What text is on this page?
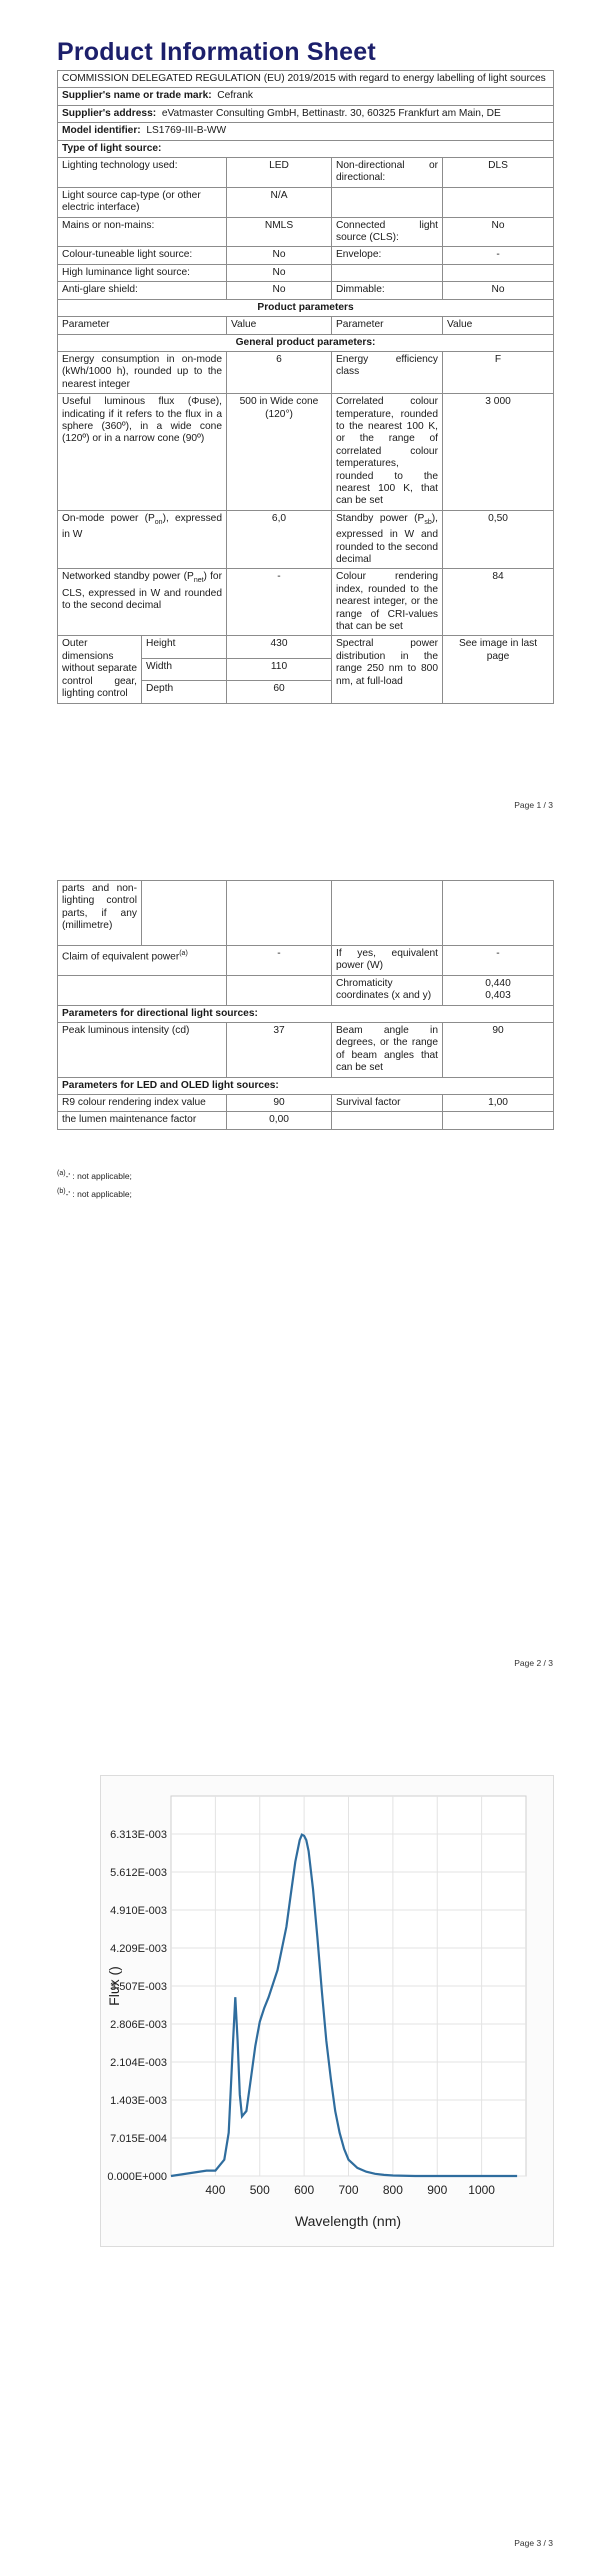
Product Information Sheet
COMMISSION DELEGATED REGULATION (EU) 2019/2015 with regard to energy labelling of light sources				
Supplier's name or trade mark: Cefrank				
Supplier's address: eVatmaster Consulting GmbH, Bettinastr. 30, 60325 Frankfurt am Main, DE				
Model identifier: LS1769-III-B-WW				
Type of light source:				
Lighting technology used:		LED	Non-directional or directional:	DLS
Light source cap-type (or other electric interface)		N/A		
Mains or non-mains:		NMLS	Connected light source (CLS):	No
Colour-tuneable light source:		No	Envelope:	-
High luminance light source:		No		
Anti-glare shield:		No	Dimmable:	No
Product parameters				
Parameter		Value	Parameter	Value
General product parameters:				
Energy consumption in on-mode (kWh/1000 h), rounded up to the nearest integer		6	Energy efficiency class	F
Useful luminous flux (Φuse), indicating if it refers to the flux in a sphere (360º), in a wide cone (120º) or in a narrow cone (90º)		500 in Wide cone (120°)	Correlated colour temperature, rounded to the nearest 100 K, or the range of correlated colour temperatures, rounded to the nearest 100 K, that can be set	3 000
On-mode power $(P_{on})$, expressed in W		6,0	Standby power $(P_{sb})$, expressed in W and rounded to the second decimal	0,50
Networked standby power $(P_{net})$ for CLS, expressed in W and rounded to the second decimal		-	Colour rendering index, rounded to the nearest integer, or the range of CRI-values that can be set	84
Outer dimensions without separate control gear, lighting control	Height	430	Spectral power distribution in the range 250 nm to 800 nm, at full-load	See image in last page
	Width	110		
	Depth	60		
Page 1 / 3
parts and non-lighting control parts, if any (millimetre)				
Claim of equivalent power$^{(a)}$		-	If yes, equivalent power (W)	-
			Chromaticity coordinates (x and y)	0,440
0,403
Parameters for directional light sources:				
Peak luminous intensity (cd)		37	Beam angle in degrees, or the range of beam angles that can be set	90
Parameters for LED and OLED light sources:				
R9 colour rendering index value		90	Survival factor	1,00
the lumen maintenance factor		0,00		
$^{(a)}$-' : not applicable;
$^{(b)}$-' : not applicable;
Page 2 / 3
0.000E+000
7.015E-004
1.403E-003
2.104E-003
2.806E-003
3.507E-003
4.209E-003
4.910E-003
5.612E-003
6.313E-003
400 500 600 700 800 900 1000
Wavelength (nm)
Flux ()
Page 3 / 3
